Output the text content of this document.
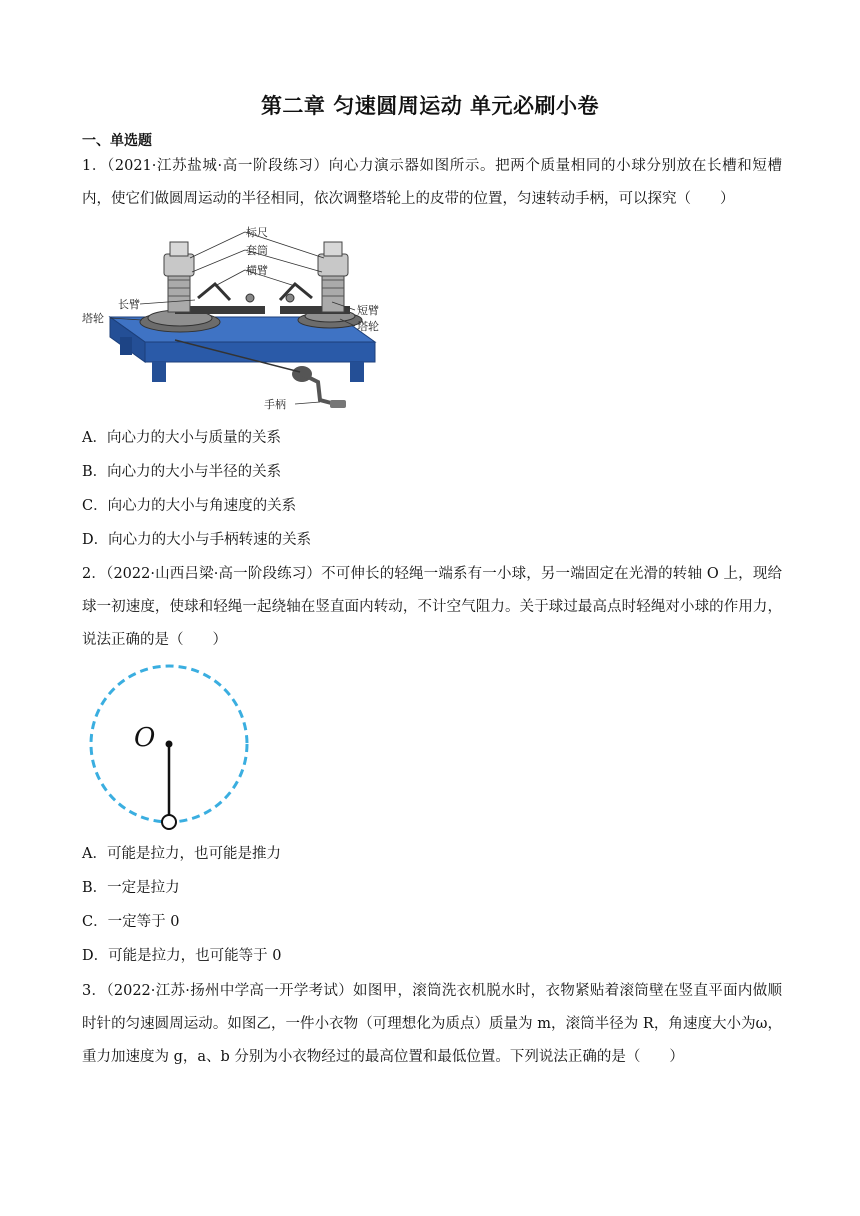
第二章 匀速圆周运动 单元必刷小卷
一、单选题
1．（2021·江苏盐城·高一阶段练习）向心力演示器如图所示。把两个质量相同的小球分别放在长槽和短槽内，使它们做圆周运动的半径相同，依次调整塔轮上的皮带的位置，匀速转动手柄，可以探究（　　）
标尺
套筒
横臂
长臂
塔轮
短臂
塔轮
手柄
A．向心力的大小与质量的关系
B．向心力的大小与半径的关系
C．向心力的大小与角速度的关系
D．向心力的大小与手柄转速的关系
2．（2022·山西吕梁·高一阶段练习）不可伸长的轻绳一端系有一小球，另一端固定在光滑的转轴 O 上，现给球一初速度，使球和轻绳一起绕轴在竖直面内转动，不计空气阻力。关于球过最高点时轻绳对小球的作用力，说法正确的是（　　）
O
A．可能是拉力，也可能是推力
B．一定是拉力
C．一定等于 0
D．可能是拉力，也可能等于 0
3．（2022·江苏·扬州中学高一开学考试）如图甲，滚筒洗衣机脱水时，衣物紧贴着滚筒壁在竖直平面内做顺时针的匀速圆周运动。如图乙，一件小衣物（可理想化为质点）质量为 m，滚筒半径为 R，角速度大小为ω，重力加速度为 g，a、b 分别为小衣物经过的最高位置和最低位置。下列说法正确的是（　　）
